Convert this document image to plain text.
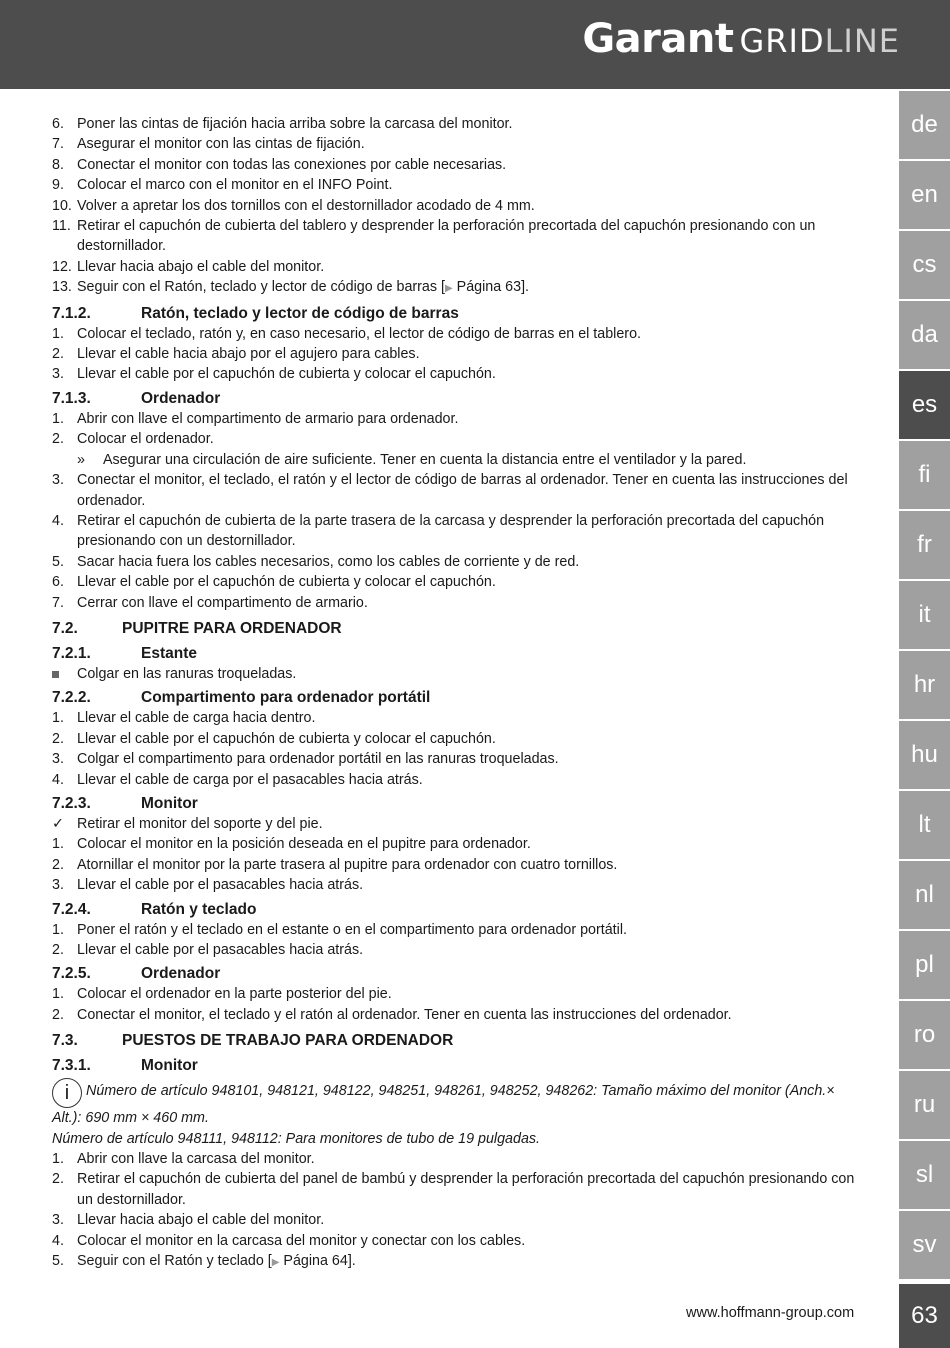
Garant GRIDLINE
de
en
cs
da
es
fi
fr
it
hr
hu
lt
nl
pl
ro
ru
sl
sv
6. Poner las cintas de fijación hacia arriba sobre la carcasa del monitor.
7. Asegurar el monitor con las cintas de fijación.
8. Conectar el monitor con todas las conexiones por cable necesarias.
9. Colocar el marco con el monitor en el INFO Point.
10. Volver a apretar los dos tornillos con el destornillador acodado de 4 mm.
11. Retirar el capuchón de cubierta del tablero y desprender la perforación precortada del capuchón presionando con un destornillador.
12. Llevar hacia abajo el cable del monitor.
13. Seguir con el Ratón, teclado y lector de código de barras [▶ Página 63].
7.1.2.	Ratón, teclado y lector de código de barras
1. Colocar el teclado, ratón y, en caso necesario, el lector de código de barras en el tablero.
2. Llevar el cable hacia abajo por el agujero para cables.
3. Llevar el cable por el capuchón de cubierta y colocar el capuchón.
7.1.3.	Ordenador
1. Abrir con llave el compartimento de armario para ordenador.
2. Colocar el ordenador.
» Asegurar una circulación de aire suficiente. Tener en cuenta la distancia entre el ventilador y la pared.
3. Conectar el monitor, el teclado, el ratón y el lector de código de barras al ordenador. Tener en cuenta las instrucciones del ordenador.
4. Retirar el capuchón de cubierta de la parte trasera de la carcasa y desprender la perforación precortada del capuchón presionando con un destornillador.
5. Sacar hacia fuera los cables necesarios, como los cables de corriente y de red.
6. Llevar el cable por el capuchón de cubierta y colocar el capuchón.
7. Cerrar con llave el compartimento de armario.
7.2.	PUPITRE PARA ORDENADOR
7.2.1.	Estante
Colgar en las ranuras troqueladas.
7.2.2.	Compartimento para ordenador portátil
1. Llevar el cable de carga hacia dentro.
2. Llevar el cable por el capuchón de cubierta y colocar el capuchón.
3. Colgar el compartimento para ordenador portátil en las ranuras troqueladas.
4. Llevar el cable de carga por el pasacables hacia atrás.
7.2.3.	Monitor
✓ Retirar el monitor del soporte y del pie.
1. Colocar el monitor en la posición deseada en el pupitre para ordenador.
2. Atornillar el monitor por la parte trasera al pupitre para ordenador con cuatro tornillos.
3. Llevar el cable por el pasacables hacia atrás.
7.2.4.	Ratón y teclado
1. Poner el ratón y el teclado en el estante o en el compartimento para ordenador portátil.
2. Llevar el cable por el pasacables hacia atrás.
7.2.5.	Ordenador
1. Colocar el ordenador en la parte posterior del pie.
2. Conectar el monitor, el teclado y el ratón al ordenador. Tener en cuenta las instrucciones del ordenador.
7.3.	PUESTOS DE TRABAJO PARA ORDENADOR
7.3.1.	Monitor
i Número de artículo 948101, 948121, 948122, 948251, 948261, 948252, 948262: Tamaño máximo del monitor (Anch.× Alt.): 690 mm × 460 mm.
Número de artículo 948111, 948112: Para monitores de tubo de 19 pulgadas.
1. Abrir con llave la carcasa del monitor.
2. Retirar el capuchón de cubierta del panel de bambú y desprender la perforación precortada del capuchón presionando con un destornillador.
3. Llevar hacia abajo el cable del monitor.
4. Colocar el monitor en la carcasa del monitor y conectar con los cables.
5. Seguir con el Ratón y teclado [▶ Página 64].
www.hoffmann-group.com	63
